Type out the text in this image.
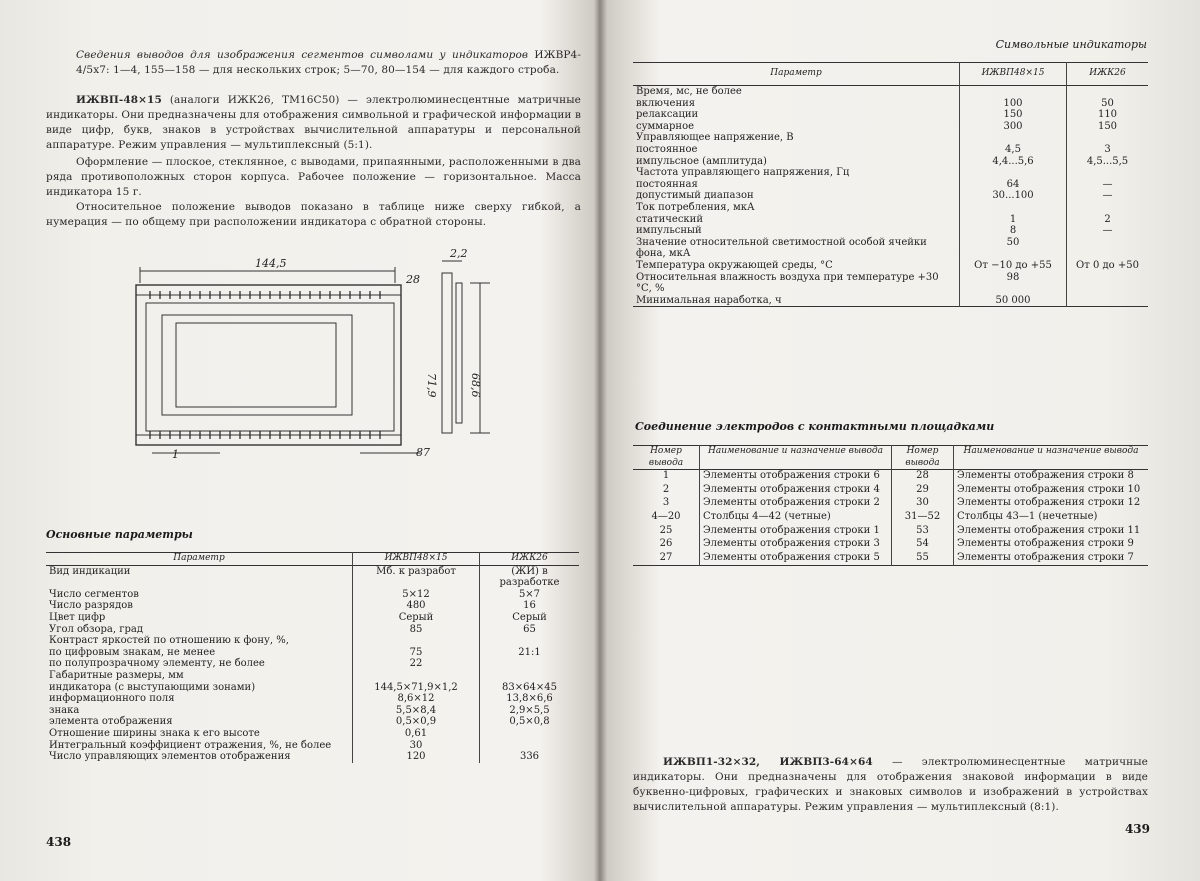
Сведения выводов для изображения сегментов символами у индикаторов ИЖВР4-4/5x7: 1—4, 155—158 — для нескольких строк; 5—70, 80—154 — для каждого строба.

ИЖВП-48×15 (аналоги ИЖК26, ТМ16С50) — электролюминесцентные матричные индикаторы. Они предназначены для отображения символьной и графической информации в виде цифр, букв, знаков в устройствах вычислительной аппаратуры и персональной аппаратуре. Режим управления — мультиплексный (5:1).

Оформление — плоское, стеклянное, с выводами, припаянными, расположенными в два ряда противоположных сторон корпуса. Рабочее положение — горизонтальное. Масса индикатора 15 г.

Относительное положение выводов показано в таблице ниже сверху гибкой, а нумерация — по общему при расположении индикатора с обратной стороны.

144,5
2,2
28
87
1
71,9	68,6
Основные параметры
Параметр	ИЖВП48×15	ИЖК26
Вид индикации	Мб. к разработ	(ЖИ) в разработке
Число сегментов	5×12	5×7
Число разрядов	480	16
Цвет цифр	Серый	Серый
Угол обзора, град	85	65
Контраст яркостей по отношению к фону, %,		
по цифровым знакам, не менее	75	21:1
по полупрозрачному элементу, не более	22	
Габаритные размеры, мм		
индикатора (с выступающими зонами)	144,5×71,9×1,2	83×64×45
информационного поля	8,6×12	13,8×6,6
знака	5,5×8,4	2,9×5,5
элемента отображения	0,5×0,9	0,5×0,8
Отношение ширины знака к его высоте	0,61	
Интегральный коэффициент отражения, %, не более	30	
Число управляющих элементов отображения	120	336
438
Символьные индикаторы
Параметр	ИЖВП48×15	ИЖК26
Время, мс, не более		
включения	100	50
релаксации	150	110
суммарное	300	150
Управляющее напряжение, В		
постоянное	4,5	3
импульсное (амплитуда)	4,4...5,6	4,5...5,5
Частота управляющего напряжения, Гц		
постоянная	64	—
допустимый диапазон	30...100	—
Ток потребления, мкА		
статический	1	2
импульсный	8	—
Значение относительной светимостной особой ячейки фона, мкА	50	
Температура окружающей среды, °С	От −10 до +55	От 0 до +50
Относительная влажность воздуха при температуре +30 °С, %	98	
Минимальная наработка, ч	50 000	
Соединение электродов с контактными площадками
Номер вывода	Наименование и назначение вывода	Номер вывода	Наименование и назначение вывода
1	Элементы отображения строки 6	28	Элементы отображения строки 8
2	Элементы отображения строки 4	29	Элементы отображения строки 10
3	Элементы отображения строки 2	30	Элементы отображения строки 12
4—20	Столбцы 4—42 (четные)	31—52	Столбцы 43—1 (нечетные)
25	Элементы отображения строки 1	53	Элементы отображения строки 11
26	Элементы отображения строки 3	54	Элементы отображения строки 9
27	Элементы отображения строки 5	55	Элементы отображения строки 7

ИЖВП1-32×32, ИЖВП3-64×64 — электролюминесцентные матричные индикаторы. Они предназначены для отображения знаковой информации в виде буквенно-цифровых, графических и знаковых символов и изображений в устройствах вычислительной аппаратуры. Режим управления — мультиплексный (8:1).

439
